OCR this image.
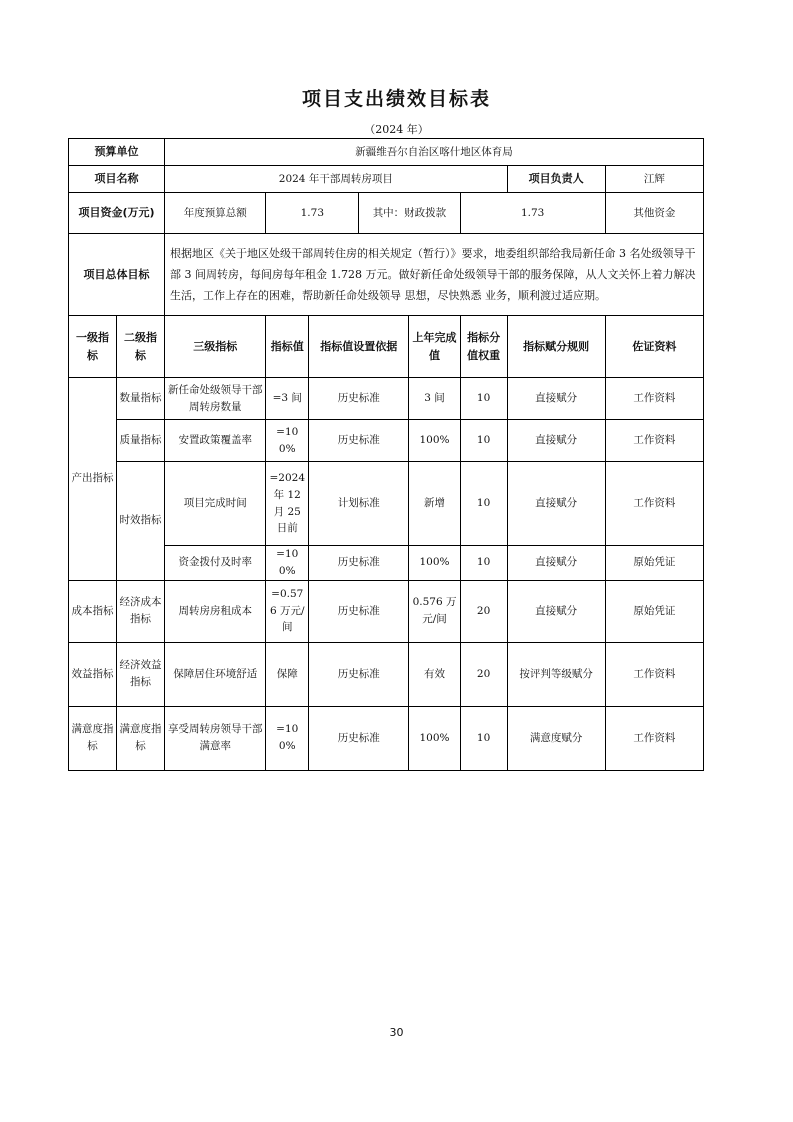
项目支出绩效目标表
（2024 年）
预算单位		新疆维吾尔自治区喀什地区体育局							
项目名称		2024 年干部周转房项目						项目负责人	江辉
项目资金(万元)		年度预算总额	1.73		其中：财政拨款		1.73		其他资金
项目总体目标		根据地区《关于地区处级干部周转住房的相关规定（暂行）》要求，地委组织部给我局新任命 3 名处级领导干部 3 间周转房，每间房每年租金 1.728 万元。做好新任命处级领导干部的服务保障，从人文关怀上着力解决生活，工作上存在的困难，帮助新任命处级领导 思想，尽快熟悉 业务，顺利渡过适应期。							
一级指标	二级指标	三级指标	指标值	指标值设置依据		上年完成值	指标分值权重	指标赋分规则	佐证资料
产出指标	数量指标	新任命处级领导干部周转房数量	=3 间	历史标准		3 间	10	直接赋分	工作资料
	质量指标	安置政策覆盖率	=100%	历史标准		100%	10	直接赋分	工作资料
	时效指标	项目完成时间	=2024 年 12 月 25 日前	计划标准		新增	10	直接赋分	工作资料
		资金拨付及时率	=100%	历史标准		100%	10	直接赋分	原始凭证
成本指标	经济成本指标	周转房房租成本	=0.576 万元/间	历史标准		0.576 万元/间	20	直接赋分	原始凭证
效益指标	经济效益指标	保障居住环境舒适	保障	历史标准		有效	20	按评判等级赋分	工作资料
满意度指标	满意度指标	享受周转房领导干部满意率	=100%	历史标准		100%	10	满意度赋分	工作资料
30
